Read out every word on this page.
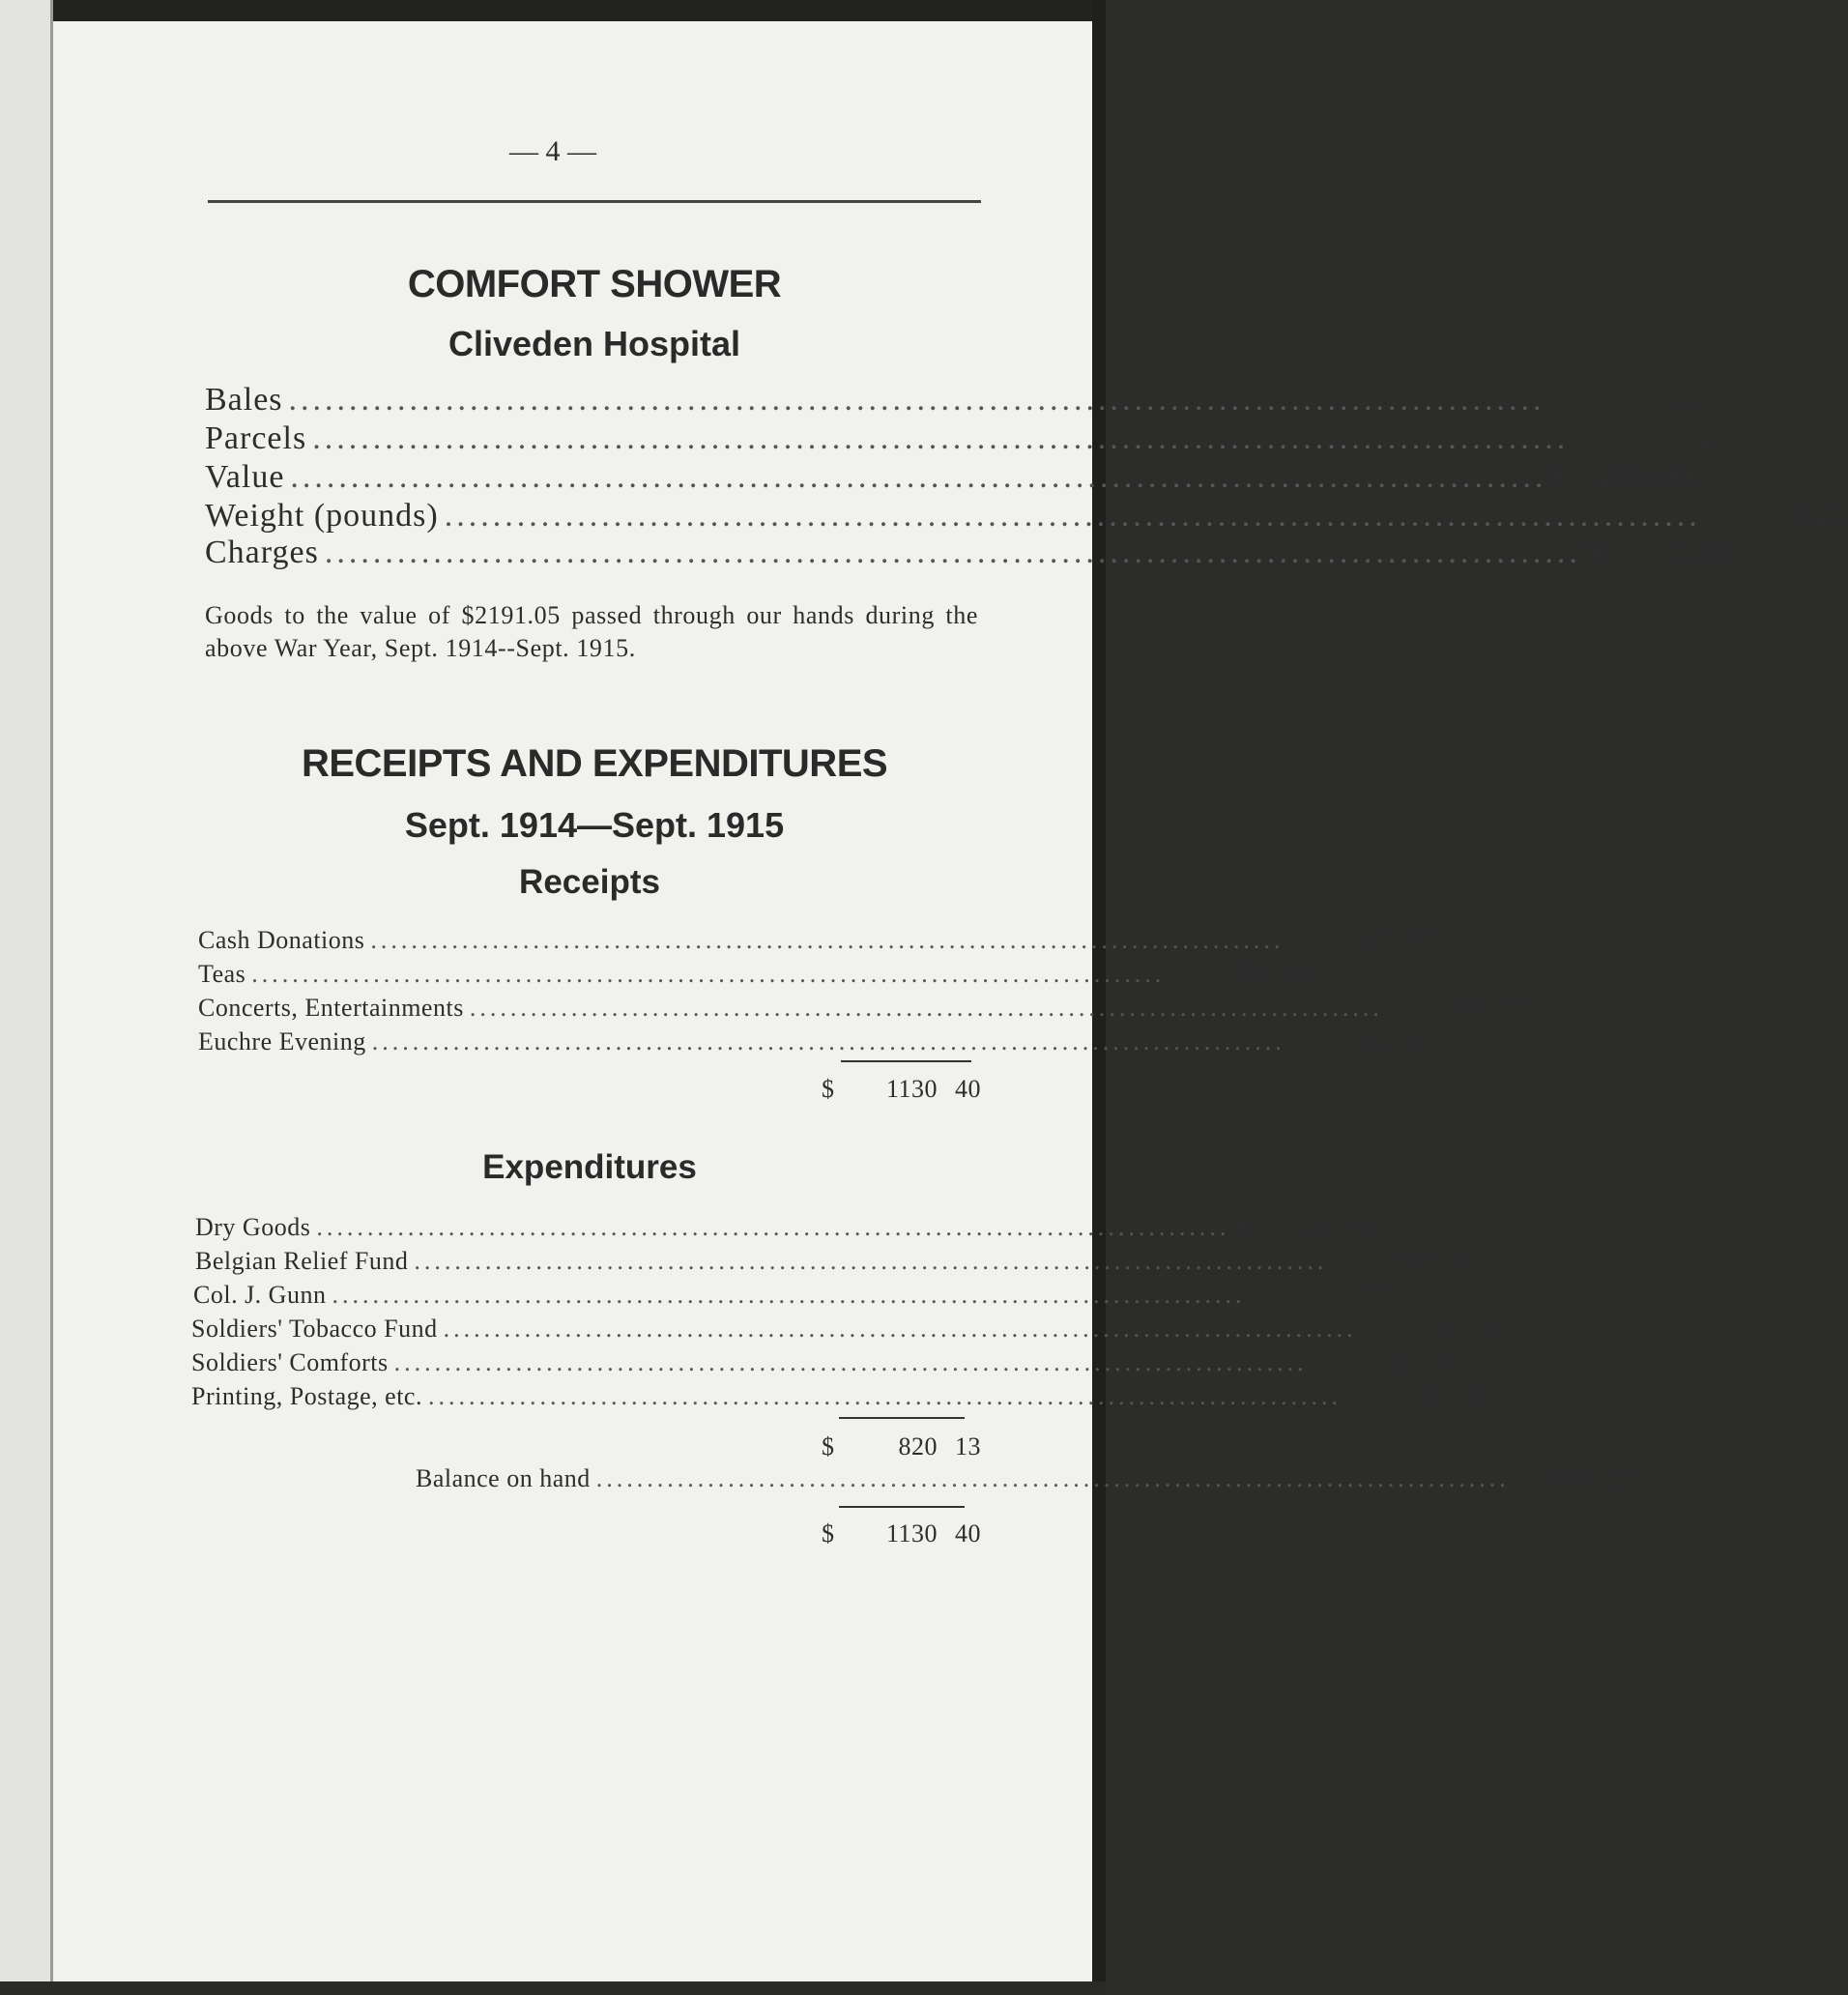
— 4 —
COMFORT SHOWER
Cliveden Hospital
Bales ........................................................................................................	4
Parcels ........................................................................................................	1
Value ........................................................................................................ $ 200.00
Weight (pounds) ........................................................................................................	315
Charges ........................................................................................................ $	2.35
Goods to the value of $2191.05 passed through our hands during the above War Year, Sept. 1914--Sept. 1915.
RECEIPTS AND EXPENDITURES
Sept. 1914—Sept. 1915
Receipts
Cash Donations .......................................................................................... $	197 95
Teas ..........................................................................................	550 00
Concerts, Entertainments ..........................................................................................	240 35
Euchre Evening ..........................................................................................	142 10
$	1130 40
Expenditures
Dry Goods .......................................................................................... $	621 92
Belgian Relief Fund ..........................................................................................	137 90
Col. J. Gunn ..........................................................................................	3 75
Soldiers' Tobacco Fund ..........................................................................................	10 00
Soldiers' Comforts ..........................................................................................	20 00
Printing, Postage, etc. ..........................................................................................	26 56
$	820 13
Balance on hand ..........................................................................................	310 27
$	1130 40
